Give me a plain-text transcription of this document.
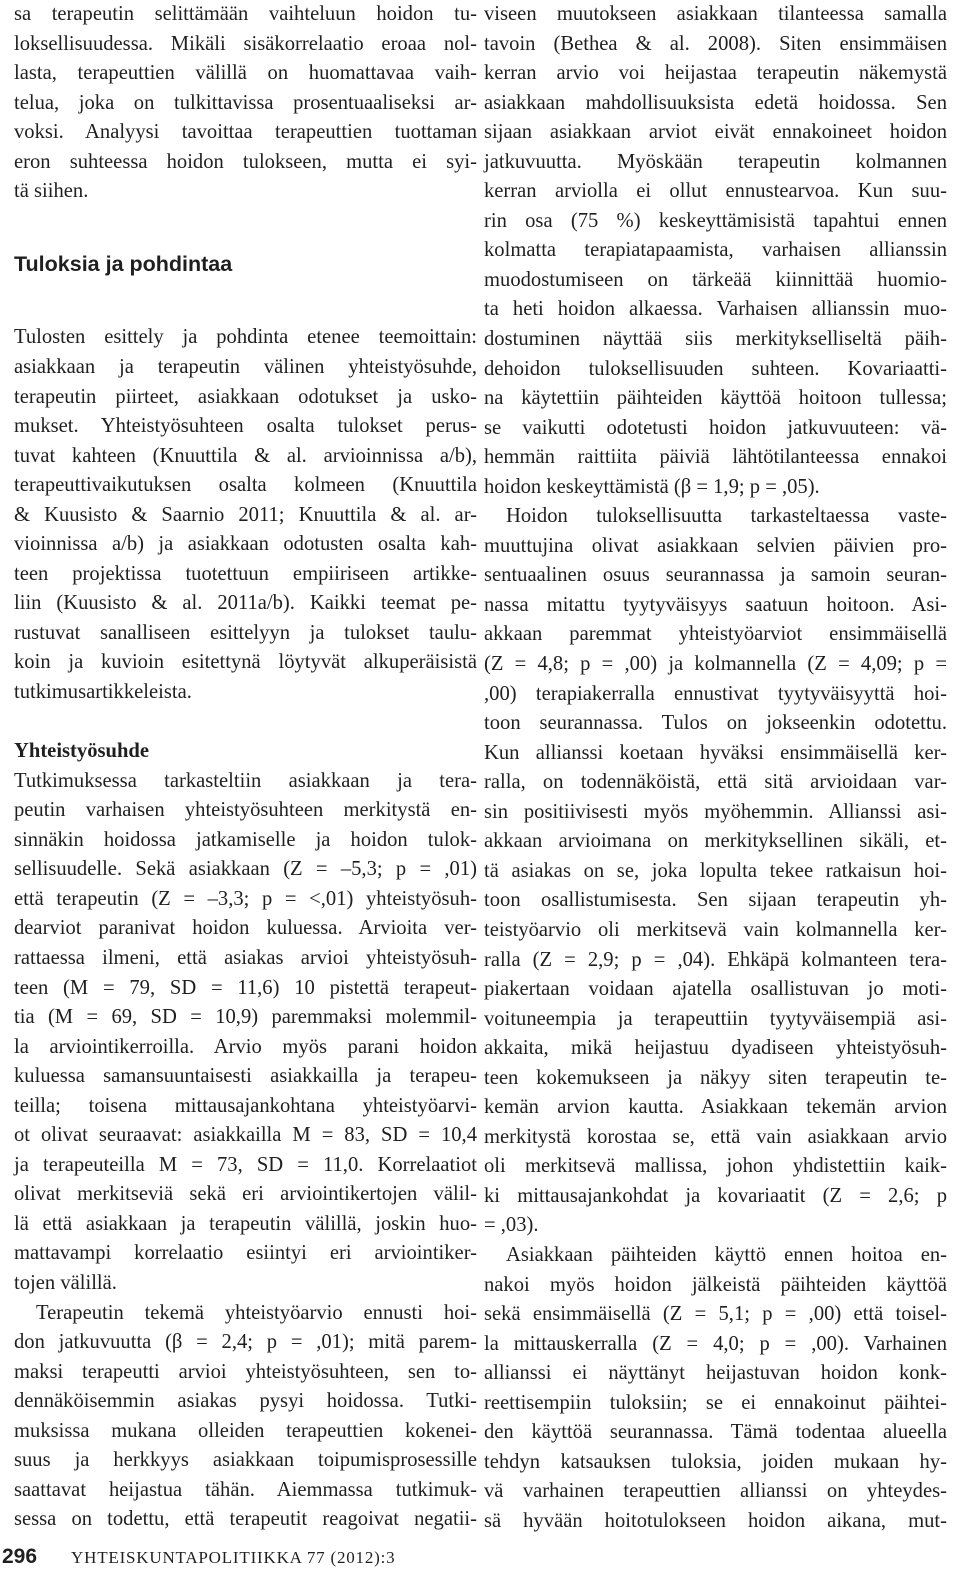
sa terapeutin selittämään vaihteluun hoidon tu-
loksellisuudessa. Mikäli sisäkorrelaatio eroaa nol-
lasta, terapeuttien välillä on huomattavaa vaih-
telua, joka on tulkittavissa prosentuaaliseksi ar-
voksi. Analyysi tavoittaa terapeuttien tuottaman
eron suhteessa hoidon tulokseen, mutta ei syi-
tä siihen.
Tuloksia ja pohdintaa
Tulosten esittely ja pohdinta etenee teemoittain:
asiakkaan ja terapeutin välinen yhteistyösuhde,
terapeutin piirteet, asiakkaan odotukset ja usko-
mukset. Yhteistyösuhteen osalta tulokset perus-
tuvat kahteen (Knuuttila & al. arvioinnissa a/b),
terapeuttivaikutuksen osalta kolmeen (Knuuttila
& Kuusisto & Saarnio 2011; Knuuttila & al. ar-
vioinnissa a/b) ja asiakkaan odotusten osalta kah-
teen projektissa tuotettuun empiiriseen artikke-
liin (Kuusisto & al. 2011a/b). Kaikki teemat pe-
rustuvat sanalliseen esittelyyn ja tulokset taulu-
koin ja kuvioin esitettynä löytyvät alkuperäisistä
tutkimusartikkeleista.
Yhteistyösuhde
Tutkimuksessa tarkasteltiin asiakkaan ja tera-
peutin varhaisen yhteistyösuhteen merkitystä en-
sinnäkin hoidossa jatkamiselle ja hoidon tulok-
sellisuudelle. Sekä asiakkaan (Z = –5,3; p = ,01)
että terapeutin (Z = –3,3; p = <,01) yhteistyösuh-
dearviot paranivat hoidon kuluessa. Arvioita ver-
rattaessa ilmeni, että asiakas arvioi yhteistyösuh-
teen (M = 79, SD = 11,6) 10 pistettä terapeut-
tia (M = 69, SD = 10,9) paremmaksi molemmil-
la arviointikerroilla. Arvio myös parani hoidon
kuluessa samansuuntaisesti asiakkailla ja terapeu-
teilla; toisena mittausajankohtana yhteistyöarvi-
ot olivat seuraavat: asiakkailla M = 83, SD = 10,4
ja terapeuteilla M = 73, SD = 11,0. Korrelaatiot
olivat merkitseviä sekä eri arviointikertojen välil-
lä että asiakkaan ja terapeutin välillä, joskin huo-
mattavampi korrelaatio esiintyi eri arviointiker-
tojen välillä.
Terapeutin tekemä yhteistyöarvio ennusti hoi-
don jatkuvuutta (β = 2,4; p = ,01); mitä parem-
maksi terapeutti arvioi yhteistyösuhteen, sen to-
dennäköisemmin asiakas pysyi hoidossa. Tutki-
muksissa mukana olleiden terapeuttien kokenei-
suus ja herkkyys asiakkaan toipumisprosessille
saattavat heijastua tähän. Aiemmassa tutkimuk-
sessa on todettu, että terapeutit reagoivat negatii-
viseen muutokseen asiakkaan tilanteessa samalla
tavoin (Bethea & al. 2008). Siten ensimmäisen
kerran arvio voi heijastaa terapeutin näkemystä
asiakkaan mahdollisuuksista edetä hoidossa. Sen
sijaan asiakkaan arviot eivät ennakoineet hoidon
jatkuvuutta. Myöskään terapeutin kolmannen
kerran arviolla ei ollut ennustearvoa. Kun suu-
rin osa (75 %) keskeyttämisistä tapahtui ennen
kolmatta terapiatapaamista, varhaisen allianssin
muodostumiseen on tärkeää kiinnittää huomio-
ta heti hoidon alkaessa. Varhaisen allianssin muo-
dostuminen näyttää siis merkitykselliseltä päih-
dehoidon tuloksellisuuden suhteen. Kovariaatti-
na käytettiin päihteiden käyttöä hoitoon tullessa;
se vaikutti odotetusti hoidon jatkuvuuteen: vä-
hemmän raittiita päiviä lähtötilanteessa ennakoi
hoidon keskeyttämistä (β = 1,9; p = ,05).
Hoidon tuloksellisuutta tarkasteltaessa vaste-
muuttujina olivat asiakkaan selvien päivien pro-
sentuaalinen osuus seurannassa ja samoin seuran-
nassa mitattu tyytyväisyys saatuun hoitoon. Asi-
akkaan paremmat yhteistyöarviot ensimmäisellä
(Z = 4,8; p = ,00) ja kolmannella (Z = 4,09; p =
,00) terapiakerralla ennustivat tyytyväisyyttä hoi-
toon seurannassa. Tulos on jokseenkin odotettu.
Kun allianssi koetaan hyväksi ensimmäisellä ker-
ralla, on todennäköistä, että sitä arvioidaan var-
sin positiivisesti myös myöhemmin. Allianssi asi-
akkaan arvioimana on merkityksellinen sikäli, et-
tä asiakas on se, joka lopulta tekee ratkaisun hoi-
toon osallistumisesta. Sen sijaan terapeutin yh-
teistyöarvio oli merkitsevä vain kolmannella ker-
ralla (Z = 2,9; p = ,04). Ehkäpä kolmanteen tera-
piakertaan voidaan ajatella osallistuvan jo moti-
voituneempia ja terapeuttiin tyytyväisempiä asi-
akkaita, mikä heijastuu dyadiseen yhteistyösuh-
teen kokemukseen ja näkyy siten terapeutin te-
kemän arvion kautta. Asiakkaan tekemän arvion
merkitystä korostaa se, että vain asiakkaan arvio
oli merkitsevä mallissa, johon yhdistettiin kaik-
ki mittausajankohdat ja kovariaatit (Z = 2,6; p
= ,03).
Asiakkaan päihteiden käyttö ennen hoitoa en-
nakoi myös hoidon jälkeistä päihteiden käyttöä
sekä ensimmäisellä (Z = 5,1; p = ,00) että toisel-
la mittauskerralla (Z = 4,0; p = ,00). Varhainen
allianssi ei näyttänyt heijastuvan hoidon konk-
reettisempiin tuloksiin; se ei ennakoinut päihtei-
den käyttöä seurannassa. Tämä todentaa alueella
tehdyn katsauksen tuloksia, joiden mukaan hy-
vä varhainen terapeuttien allianssi on yhteydes-
sä hyvään hoitotulokseen hoidon aikana, mut-
296 YHTEISKUNTAPOLITIIKKA 77 (2012):3
